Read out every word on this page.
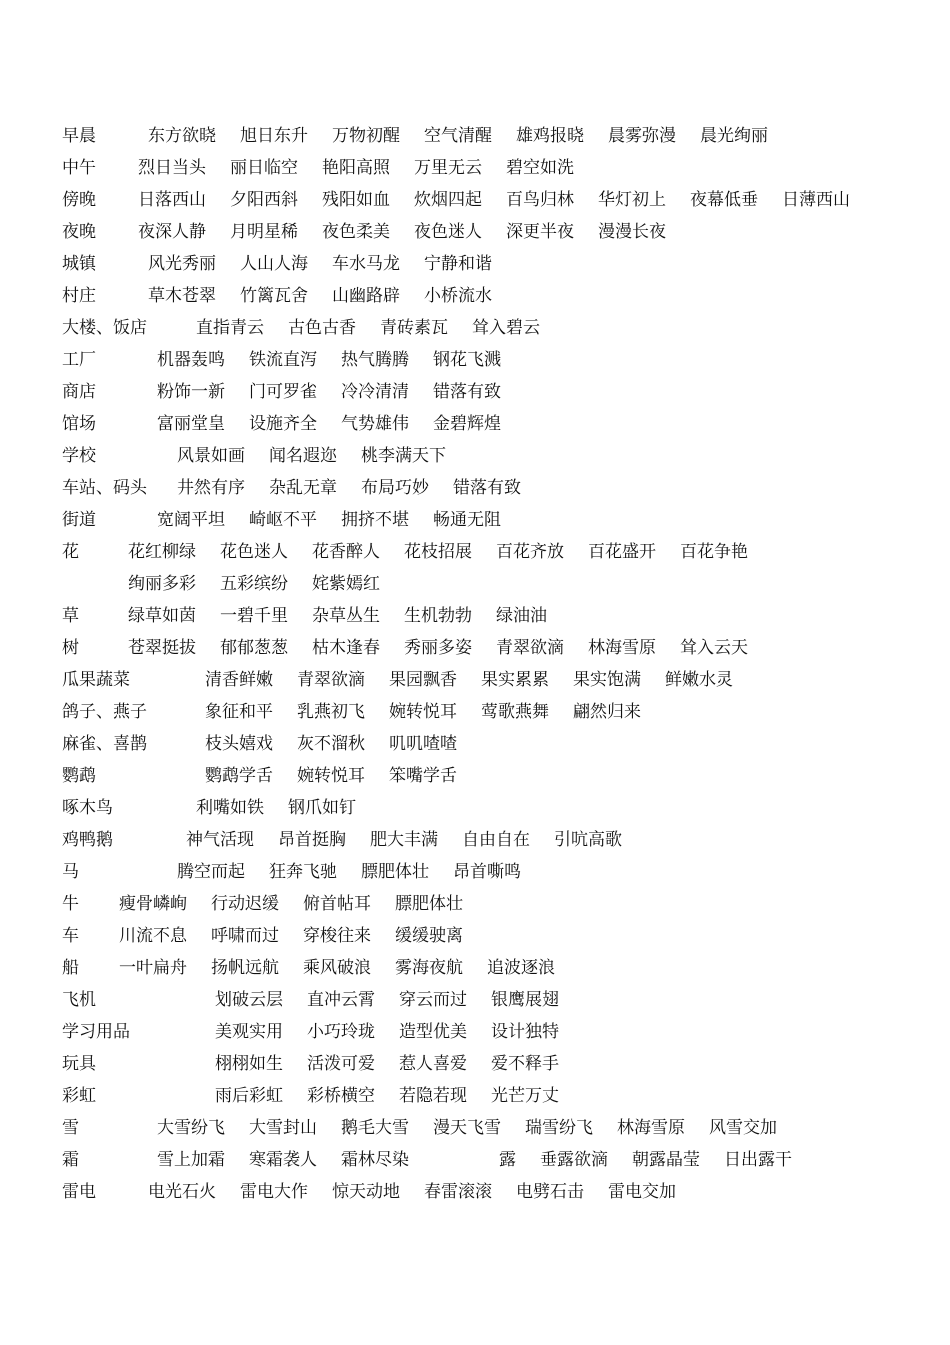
早晨	东方欲晓 旭日东升 万物初醒 空气清醒 雄鸡报晓 晨雾弥漫 晨光绚丽
中午 烈日当头 丽日临空 艳阳高照 万里无云 碧空如洗
傍晚 日落西山 夕阳西斜 残阳如血 炊烟四起 百鸟归林 华灯初上 夜幕低垂 日薄西山
夜晚 夜深人静 月明星稀 夜色柔美 夜色迷人 深更半夜 漫漫长夜
城镇	风光秀丽 人山人海 车水马龙 宁静和谐
村庄	草木苍翠 竹篱瓦舍 山幽路辟 小桥流水
大楼、饭店	直指青云 古色古香 青砖素瓦 耸入碧云
工厂	机器轰鸣 铁流直泻 热气腾腾 钢花飞溅
商店	粉饰一新 门可罗雀 冷冷清清 错落有致
馆场	富丽堂皇 设施齐全 气势雄伟 金碧辉煌
学校	风景如画 闻名遐迩 桃李满天下
车站、码头 井然有序 杂乱无章 布局巧妙 错落有致
街道	宽阔平坦 崎岖不平 拥挤不堪 畅通无阻
花	花红柳绿 花色迷人 花香醉人 花枝招展 百花齐放 百花盛开 百花争艳
绚丽多彩 五彩缤纷 姹紫嫣红
草	绿草如茵 一碧千里 杂草丛生 生机勃勃 绿油油
树	苍翠挺拔 郁郁葱葱 枯木逢春 秀丽多姿 青翠欲滴 林海雪原 耸入云天
瓜果蔬菜	清香鲜嫩 青翠欲滴 果园飘香 果实累累 果实饱满 鲜嫩水灵
鸽子、燕子	象征和平 乳燕初飞 婉转悦耳 莺歌燕舞 翩然归来
麻雀、喜鹊	枝头嬉戏 灰不溜秋 叽叽喳喳
鹦鹉	鹦鹉学舌 婉转悦耳 笨嘴学舌
啄木鸟	利嘴如铁 钢爪如钉
鸡鸭鹅	神气活现 昂首挺胸 肥大丰满 自由自在 引吭高歌
马	腾空而起 狂奔飞驰 膘肥体壮 昂首嘶鸣
牛 瘦骨嶙峋 行动迟缓 俯首帖耳 膘肥体壮
车 川流不息 呼啸而过 穿梭往来 缓缓驶离
船 一叶扁舟 扬帆远航 乘风破浪 雾海夜航 追波逐浪
飞机	划破云层 直冲云霄 穿云而过 银鹰展翅
学习用品	美观实用 小巧玲珑 造型优美 设计独特
玩具	栩栩如生 活泼可爱 惹人喜爱 爱不释手
彩虹	雨后彩虹 彩桥横空 若隐若现 光芒万丈
雪	大雪纷飞 大雪封山 鹅毛大雪 漫天飞雪 瑞雪纷飞 林海雪原 风雪交加
霜	雪上加霜 寒霜袭人 霜林尽染	露 垂露欲滴 朝露晶莹 日出露干
雷电	电光石火 雷电大作 惊天动地 春雷滚滚 电劈石击 雷电交加
